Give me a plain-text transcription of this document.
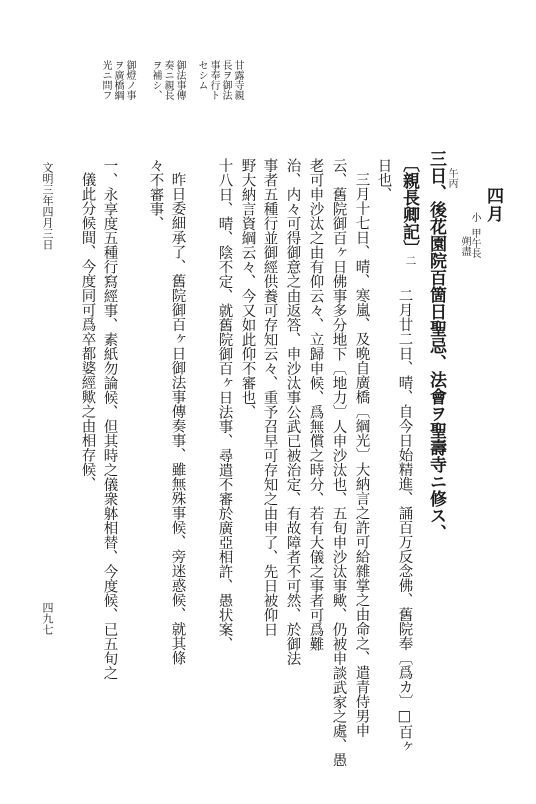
四月
小
甲午長
朔盡
三日、後花園院百箇日聖忌、法會ヲ聖壽寺ニ修ス、 午丙
〔親長卿記〕
二
二月廿二日、晴、自今日始精進、誦百万反念佛、舊院奉〔爲カ〕□百ヶ
日也、
三月十七日、晴、寒嵐、及晩自廣橋〔綱光〕大納言之許可給雜掌之由命之、遣青侍男申
云、舊院御百ヶ日佛事多分地下〔地力〕人申沙汰也、五旬申沙汰事歟、仍被申談武家之處、愚
老可申沙汰之由有仰云々、立歸申候、爲無償之時分、若有大儀之事者可爲難
治、内々可得御意之由返答、申沙汰事公武已被治定、有故障者不可然、於御法
事者五種行並御經供養可存知云々、重予召早可存知之由申了、先日被仰日
野大納言資綱云々、今又如此仰不審也、
十八日、晴、陰不定、就舊院御百ヶ日法事、尋遣不審於廣亞相許、愚状案、
昨日委細承了、舊院御百ヶ日御法事傳奏事、雖無殊事候、旁迷惑候、就其條
々不審事、
一、永享度五種行寫經事、素紙勿論候、但其時之儀衆躰相替、今度候、已五旬之
儀此分候間、今度同可爲卒都婆經歟之由相存候、
甘露寺親
長ヲ御法
事奉行ト
セシム
御法事傳
奏ニ親長
ヲ補シ、
御燈ノ事
ヲ廣橋綱
光ニ問フ
文明三年四月三日
四九七
